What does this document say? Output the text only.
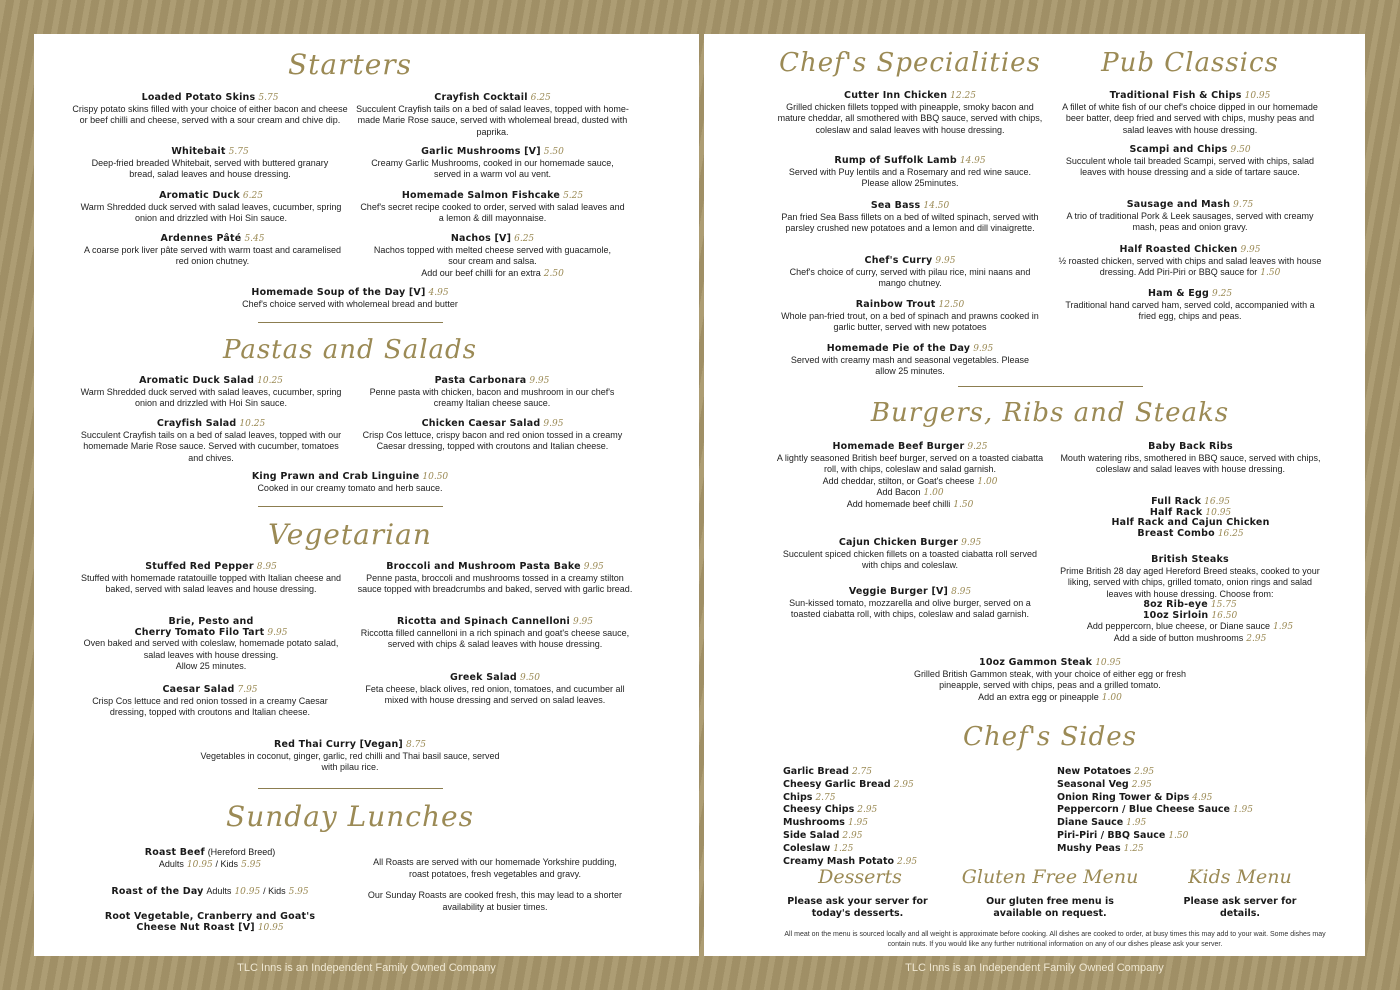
Starters
Loaded Potato Skins 5.75
Crispy potato skins filled with your choice of either bacon and cheese or beef chilli and cheese, served with a sour cream and chive dip.
Crayfish Cocktail 6.25
Succulent Crayfish tails on a bed of salad leaves, topped with home-made Marie Rose sauce, served with wholemeal bread, dusted with paprika.
Whitebait 5.75
Deep-fried breaded Whitebait, served with buttered granary bread, salad leaves and house dressing.
Garlic Mushrooms [V] 5.50
Creamy Garlic Mushrooms, cooked in our homemade sauce, served in a warm vol au vent.
Aromatic Duck 6.25
Warm Shredded duck served with salad leaves, cucumber, spring onion and drizzled with Hoi Sin sauce.
Homemade Salmon Fishcake 5.25
Chef's secret recipe cooked to order, served with salad leaves and a lemon & dill mayonnaise.
Ardennes Pâté 5.45
A coarse pork liver pâte served with warm toast and caramelised red onion chutney.
Nachos [V] 6.25
Nachos topped with melted cheese served with guacamole, sour cream and salsa.
Add our beef chilli for an extra 2.50
Homemade Soup of the Day [V] 4.95
Chef's choice served with wholemeal bread and butter
Pastas and Salads
Aromatic Duck Salad 10.25
Warm Shredded duck served with salad leaves, cucumber, spring onion and drizzled with Hoi Sin sauce.
Pasta Carbonara 9.95
Penne pasta with chicken, bacon and mushroom in our chef's creamy Italian cheese sauce.
Crayfish Salad 10.25
Succulent Crayfish tails on a bed of salad leaves, topped with our homemade Marie Rose sauce. Served with cucumber, tomatoes and chives.
Chicken Caesar Salad 9.95
Crisp Cos lettuce, crispy bacon and red onion tossed in a creamy Caesar dressing, topped with croutons and Italian cheese.
King Prawn and Crab Linguine 10.50
Cooked in our creamy tomato and herb sauce.
Vegetarian
Stuffed Red Pepper 8.95
Stuffed with homemade ratatouille topped with Italian cheese and baked, served with salad leaves and house dressing.
Broccoli and Mushroom Pasta Bake 9.95
Penne pasta, broccoli and mushrooms tossed in a creamy stilton sauce topped with breadcrumbs and baked, served with garlic bread.
Brie, Pesto and
Cherry Tomato Filo Tart 9.95
Oven baked and served with coleslaw, homemade potato salad, salad leaves with house dressing.
Allow 25 minutes.
Ricotta and Spinach Cannelloni 9.95
Riccotta filled cannelloni in a rich spinach and goat's cheese sauce, served with chips & salad leaves with house dressing.
Caesar Salad 7.95
Crisp Cos lettuce and red onion tossed in a creamy Caesar dressing, topped with croutons and Italian cheese.
Greek Salad 9.50
Feta cheese, black olives, red onion, tomatoes, and cucumber all mixed with house dressing and served on salad leaves.
Red Thai Curry [Vegan] 8.75
Vegetables in coconut, ginger, garlic, red chilli and Thai basil sauce, served with pilau rice.
Sunday Lunches
Roast Beef (Hereford Breed)
Adults 10.95 / Kids 5.95
Roast of the Day Adults 10.95 / Kids 5.95
Root Vegetable, Cranberry and Goat's
Cheese Nut Roast [V] 10.95
All Roasts are served with our homemade Yorkshire pudding, roast potatoes, fresh vegetables and gravy.
Our Sunday Roasts are cooked fresh, this may lead to a shorter availability at busier times.
Chef's Specialities
Cutter Inn Chicken 12.25
Grilled chicken fillets topped with pineapple, smoky bacon and mature cheddar, all smothered with BBQ sauce, served with chips, coleslaw and salad leaves with house dressing.
Rump of Suffolk Lamb 14.95
Served with Puy lentils and a Rosemary and red wine sauce. Please allow 25minutes.
Sea Bass 14.50
Pan fried Sea Bass fillets on a bed of wilted spinach, served with parsley crushed new potatoes and a lemon and dill vinaigrette.
Chef's Curry 9.95
Chef's choice of curry, served with pilau rice, mini naans and mango chutney.
Rainbow Trout 12.50
Whole pan-fried trout, on a bed of spinach and prawns cooked in garlic butter, served with new potatoes
Homemade Pie of the Day 9.95
Served with creamy mash and seasonal vegetables. Please allow 25 minutes.
Pub Classics
Traditional Fish & Chips 10.95
A fillet of white fish of our chef's choice dipped in our homemade beer batter, deep fried and served with chips, mushy peas and salad leaves with house dressing.
Scampi and Chips 9.50
Succulent whole tail breaded Scampi, served with chips, salad leaves with house dressing and a side of tartare sauce.
Sausage and Mash 9.75
A trio of traditional Pork & Leek sausages, served with creamy mash, peas and onion gravy.
Half Roasted Chicken 9.95
½ roasted chicken, served with chips and salad leaves with house dressing. Add Piri-Piri or BBQ sauce for 1.50
Ham & Egg 9.25
Traditional hand carved ham, served cold, accompanied with a fried egg, chips and peas.
Burgers, Ribs and Steaks
Homemade Beef Burger 9.25
A lightly seasoned British beef burger, served on a toasted ciabatta roll, with chips, coleslaw and salad garnish.
Add cheddar, stilton, or Goat's cheese 1.00
Add Bacon 1.00
Add homemade beef chilli 1.50
Cajun Chicken Burger 9.95
Succulent spiced chicken fillets on a toasted ciabatta roll served with chips and coleslaw.
Veggie Burger [V] 8.95
Sun-kissed tomato, mozzarella and olive burger, served on a toasted ciabatta roll, with chips, coleslaw and salad garnish.
Baby Back Ribs
Mouth watering ribs, smothered in BBQ sauce, served with chips, coleslaw and salad leaves with house dressing.
Full Rack 16.95
Half Rack 10.95
Half Rack and Cajun Chicken
Breast Combo 16.25
British Steaks
Prime British 28 day aged Hereford Breed steaks, cooked to your liking, served with chips, grilled tomato, onion rings and salad leaves with house dressing. Choose from:
8oz Rib-eye 15.75
10oz Sirloin 16.50
Add peppercorn, blue cheese, or Diane sauce 1.95
Add a side of button mushrooms 2.95
10oz Gammon Steak 10.95
Grilled British Gammon steak, with your choice of either egg or fresh pineapple, served with chips, peas and a grilled tomato.
Add an extra egg or pineapple 1.00
Chef's Sides
Garlic Bread 2.75
Cheesy Garlic Bread 2.95
Chips 2.75
Cheesy Chips 2.95
Mushrooms 1.95
Side Salad 2.95
Coleslaw 1.25
Creamy Mash Potato 2.95
New Potatoes 2.95
Seasonal Veg 2.95
Onion Ring Tower & Dips 4.95
Peppercorn / Blue Cheese Sauce 1.95
Diane Sauce 1.95
Piri-Piri / BBQ Sauce 1.50
Mushy Peas 1.25
Desserts
Please ask your server for today's desserts.
Gluten Free Menu
Our gluten free menu is available on request.
Kids Menu
Please ask server for details.
All meat on the menu is sourced locally and all weight is approximate before cooking. All dishes are cooked to order, at busy times this may add to your wait. Some dishes may contain nuts. If you would like any further nutritional information on any of our dishes please ask your server.
TLC Inns is an Independent Family Owned Company	TLC Inns is an Independent Family Owned Company
